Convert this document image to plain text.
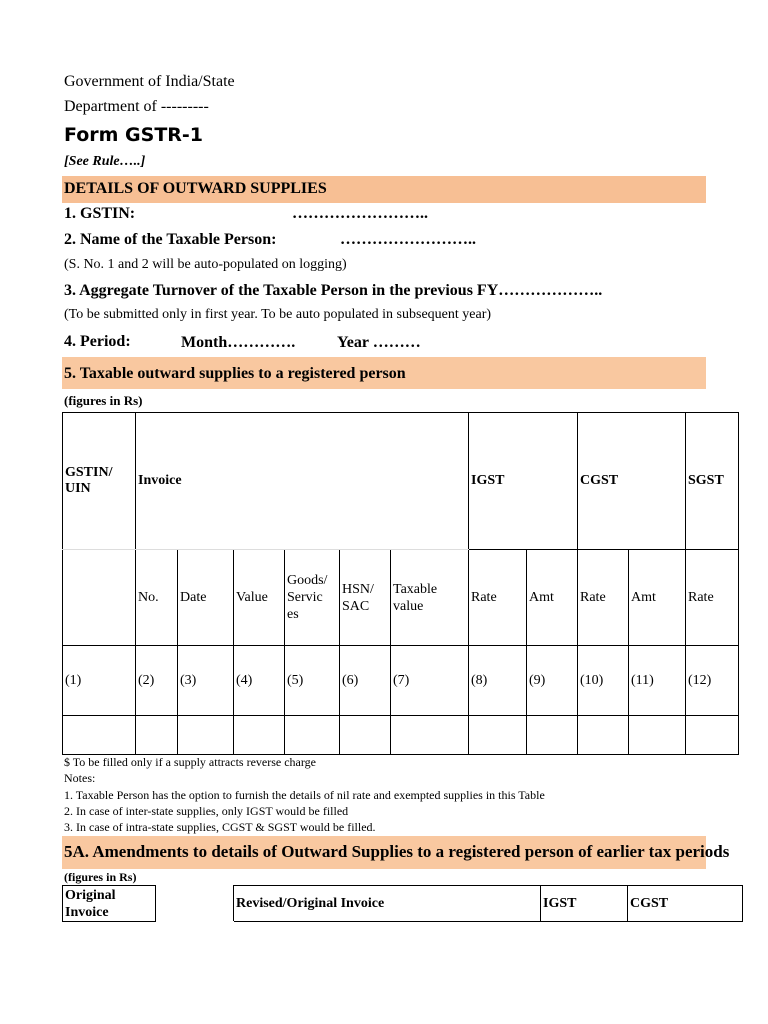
Government of India/State
Department of ---------
Form GSTR-1
[See Rule…..]
DETAILS OF OUTWARD SUPPLIES
1. GSTIN:	……………………..
2. Name of the Taxable Person:	……………………..
(S. No. 1 and 2 will be auto-populated on logging)
3. Aggregate Turnover of the Taxable Person in the previous FY………………..
(To be submitted only in first year. To be auto populated in subsequent year)
4. Period:	Month………….	Year ………
5. Taxable outward supplies to a registered person
(figures in Rs)
GSTIN/ UIN	Invoice						IGST		CGST		SGST
	No.	Date	Value	Goods/ Servic es	HSN/ SAC	Taxable value	Rate	Amt	Rate	Amt	Rate
(1)	(2)	(3)	(4)	(5)	(6)	(7)	(8)	(9)	(10)	(11)	(12)

$ To be filled only if a supply attracts reverse charge
Notes:
1. Taxable Person has the option to furnish the details of nil rate and exempted supplies in this Table
2. In case of inter-state supplies, only IGST would be filled
3. In case of intra-state supplies, CGST & SGST would be filled.
5A. Amendments to details of Outward Supplies to a registered person of earlier tax periods
(figures in Rs)
Original Invoice		Revised/Original Invoice	IGST	CGST
